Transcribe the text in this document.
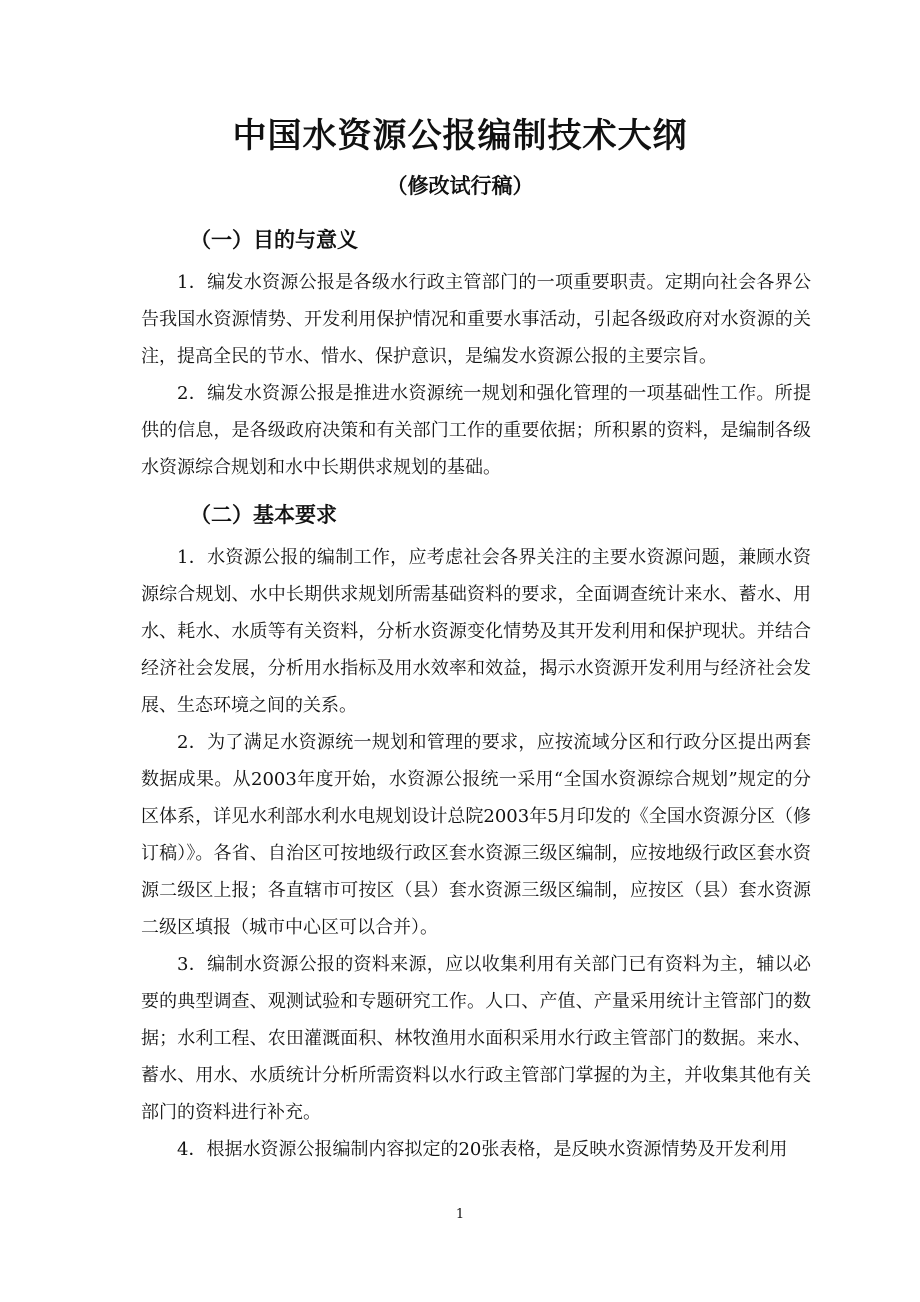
中国水资源公报编制技术大纲
（修改试行稿）
（一）目的与意义

1．编发水资源公报是各级水行政主管部门的一项重要职责。定期向社会各界公告我国水资源情势、开发利用保护情况和重要水事活动，引起各级政府对水资源的关注，提高全民的节水、惜水、保护意识，是编发水资源公报的主要宗旨。

2．编发水资源公报是推进水资源统一规划和强化管理的一项基础性工作。所提供的信息，是各级政府决策和有关部门工作的重要依据；所积累的资料，是编制各级水资源综合规划和水中长期供求规划的基础。

（二）基本要求

1．水资源公报的编制工作，应考虑社会各界关注的主要水资源问题，兼顾水资源综合规划、水中长期供求规划所需基础资料的要求，全面调查统计来水、蓄水、用水、耗水、水质等有关资料，分析水资源变化情势及其开发利用和保护现状。并结合经济社会发展，分析用水指标及用水效率和效益，揭示水资源开发利用与经济社会发展、生态环境之间的关系。

2．为了满足水资源统一规划和管理的要求，应按流域分区和行政分区提出两套数据成果。从2003年度开始，水资源公报统一采用“全国水资源综合规划”规定的分区体系，详见水利部水利水电规划设计总院2003年5月印发的《全国水资源分区（修订稿）》。各省、自治区可按地级行政区套水资源三级区编制，应按地级行政区套水资源二级区上报；各直辖市可按区（县）套水资源三级区编制，应按区（县）套水资源二级区填报（城市中心区可以合并）。

3．编制水资源公报的资料来源，应以收集利用有关部门已有资料为主，辅以必要的典型调查、观测试验和专题研究工作。人口、产值、产量采用统计主管部门的数据；水利工程、农田灌溉面积、林牧渔用水面积采用水行政主管部门的数据。来水、蓄水、用水、水质统计分析所需资料以水行政主管部门掌握的为主，并收集其他有关部门的资料进行补充。

4．根据水资源公报编制内容拟定的20张表格，是反映水资源情势及开发利用

1
